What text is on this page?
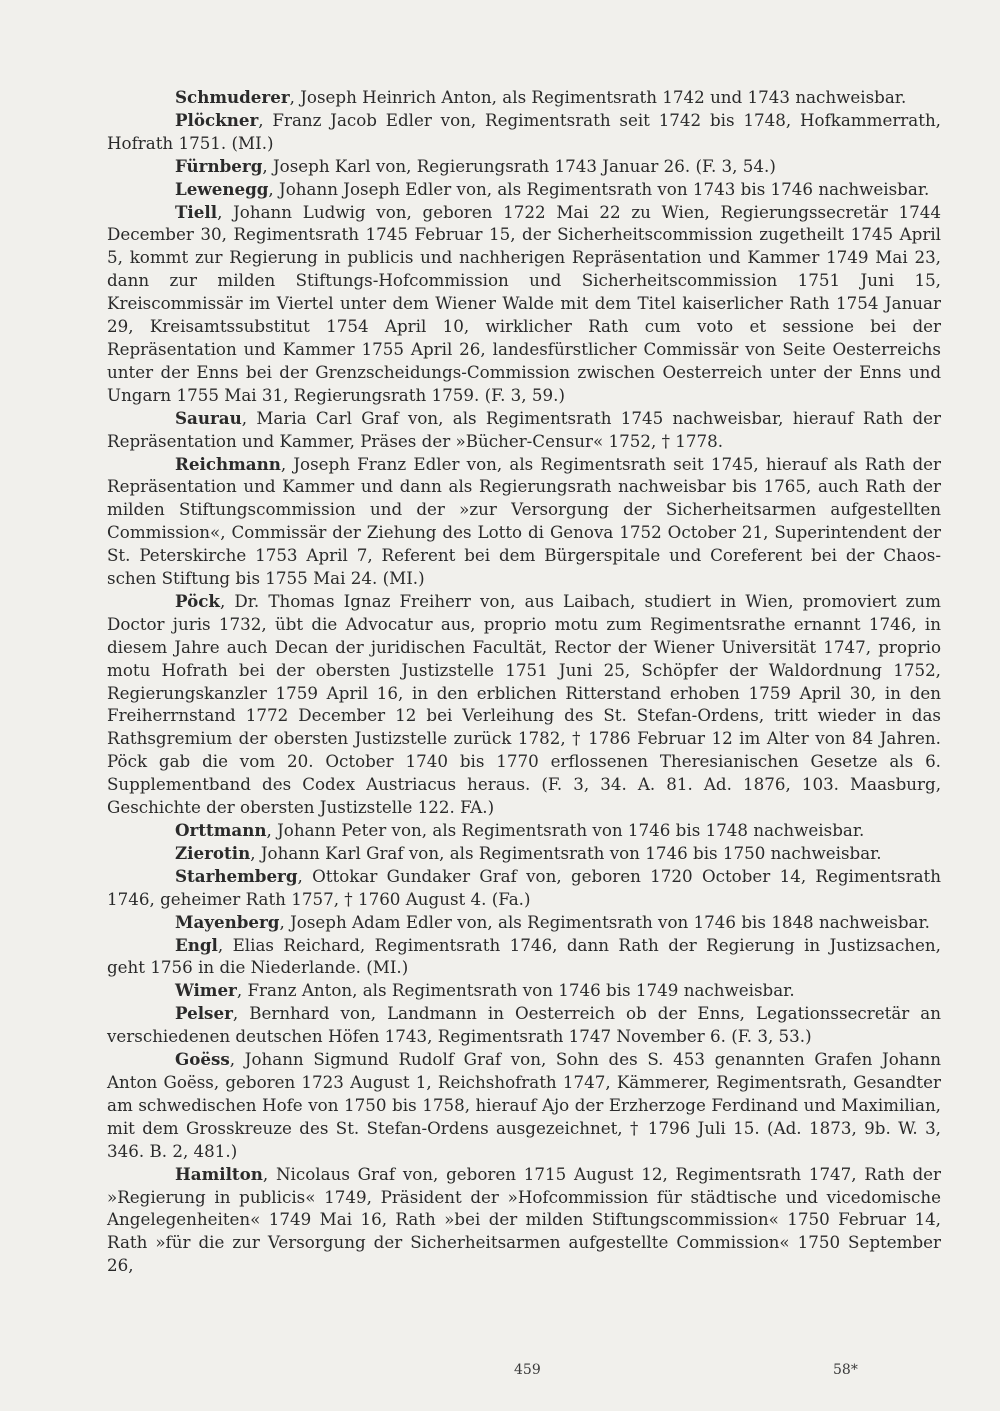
Schmuderer, Joseph Heinrich Anton, als Regimentsrath 1742 und 1743 nachweisbar.

Plöckner, Franz Jacob Edler von, Regimentsrath seit 1742 bis 1748, Hofkammerrath, Hofrath 1751. (MI.)

Fürnberg, Joseph Karl von, Regierungsrath 1743 Januar 26. (F. 3, 54.)

Lewenegg, Johann Joseph Edler von, als Regimentsrath von 1743 bis 1746 nachweisbar.

Tiell, Johann Ludwig von, geboren 1722 Mai 22 zu Wien, Regierungssecretär 1744 December 30, Regimentsrath 1745 Februar 15, der Sicherheitscommission zugetheilt 1745 April 5, kommt zur Regierung in publicis und nachherigen Repräsentation und Kammer 1749 Mai 23, dann zur milden Stiftungs-Hofcommission und Sicherheitscommission 1751 Juni 15, Kreiscommissär im Viertel unter dem Wiener Walde mit dem Titel kaiserlicher Rath 1754 Januar 29, Kreisamtssubstitut 1754 April 10, wirklicher Rath cum voto et sessione bei der Repräsentation und Kammer 1755 April 26, landesfürstlicher Commissär von Seite Oesterreichs unter der Enns bei der Grenzscheidungs-Commission zwischen Oesterreich unter der Enns und Ungarn 1755 Mai 31, Regierungsrath 1759. (F. 3, 59.)

Saurau, Maria Carl Graf von, als Regimentsrath 1745 nachweisbar, hierauf Rath der Repräsentation und Kammer, Präses der »Bücher-Censur« 1752, † 1778.

Reichmann, Joseph Franz Edler von, als Regimentsrath seit 1745, hierauf als Rath der Repräsentation und Kammer und dann als Regierungsrath nachweisbar bis 1765, auch Rath der milden Stiftungscommission und der »zur Versorgung der Sicherheitsarmen aufgestellten Commission«, Commissär der Ziehung des Lotto di Genova 1752 October 21, Superintendent der St. Peterskirche 1753 April 7, Referent bei dem Bürgerspitale und Coreferent bei der Chaos-schen Stiftung bis 1755 Mai 24. (MI.)

Pöck, Dr. Thomas Ignaz Freiherr von, aus Laibach, studiert in Wien, promoviert zum Doctor juris 1732, übt die Advocatur aus, proprio motu zum Regimentsrathe ernannt 1746, in diesem Jahre auch Decan der juridischen Facultät, Rector der Wiener Universität 1747, proprio motu Hofrath bei der obersten Justizstelle 1751 Juni 25, Schöpfer der Waldordnung 1752, Regierungskanzler 1759 April 16, in den erblichen Ritterstand erhoben 1759 April 30, in den Freiherrnstand 1772 December 12 bei Verleihung des St. Stefan-Ordens, tritt wieder in das Rathsgremium der obersten Justizstelle zurück 1782, † 1786 Februar 12 im Alter von 84 Jahren. Pöck gab die vom 20. October 1740 bis 1770 erflossenen Theresianischen Gesetze als 6. Supplementband des Codex Austriacus heraus. (F. 3, 34. A. 81. Ad. 1876, 103. Maasburg, Geschichte der obersten Justizstelle 122. FA.)

Orttmann, Johann Peter von, als Regimentsrath von 1746 bis 1748 nachweisbar.

Zierotin, Johann Karl Graf von, als Regimentsrath von 1746 bis 1750 nachweisbar.

Starhemberg, Ottokar Gundaker Graf von, geboren 1720 October 14, Regimentsrath 1746, geheimer Rath 1757, † 1760 August 4. (Fa.)

Mayenberg, Joseph Adam Edler von, als Regimentsrath von 1746 bis 1848 nachweisbar.

Engl, Elias Reichard, Regimentsrath 1746, dann Rath der Regierung in Justizsachen, geht 1756 in die Niederlande. (MI.)

Wimer, Franz Anton, als Regimentsrath von 1746 bis 1749 nachweisbar.

Pelser, Bernhard von, Landmann in Oesterreich ob der Enns, Legationssecretär an verschiedenen deutschen Höfen 1743, Regimentsrath 1747 November 6. (F. 3, 53.)

Goëss, Johann Sigmund Rudolf Graf von, Sohn des S. 453 genannten Grafen Johann Anton Goëss, geboren 1723 August 1, Reichshofrath 1747, Kämmerer, Regimentsrath, Gesandter am schwedischen Hofe von 1750 bis 1758, hierauf Ajo der Erzherzoge Ferdinand und Maximilian, mit dem Grosskreuze des St. Stefan-Ordens ausgezeichnet, † 1796 Juli 15. (Ad. 1873, 9b. W. 3, 346. B. 2, 481.)

Hamilton, Nicolaus Graf von, geboren 1715 August 12, Regimentsrath 1747, Rath der »Regierung in publicis« 1749, Präsident der »Hofcommission für städtische und vicedomische Angelegenheiten« 1749 Mai 16, Rath »bei der milden Stiftungscommission« 1750 Februar 14, Rath »für die zur Versorgung der Sicherheitsarmen aufgestellte Commission« 1750 September 26,

459	58*
